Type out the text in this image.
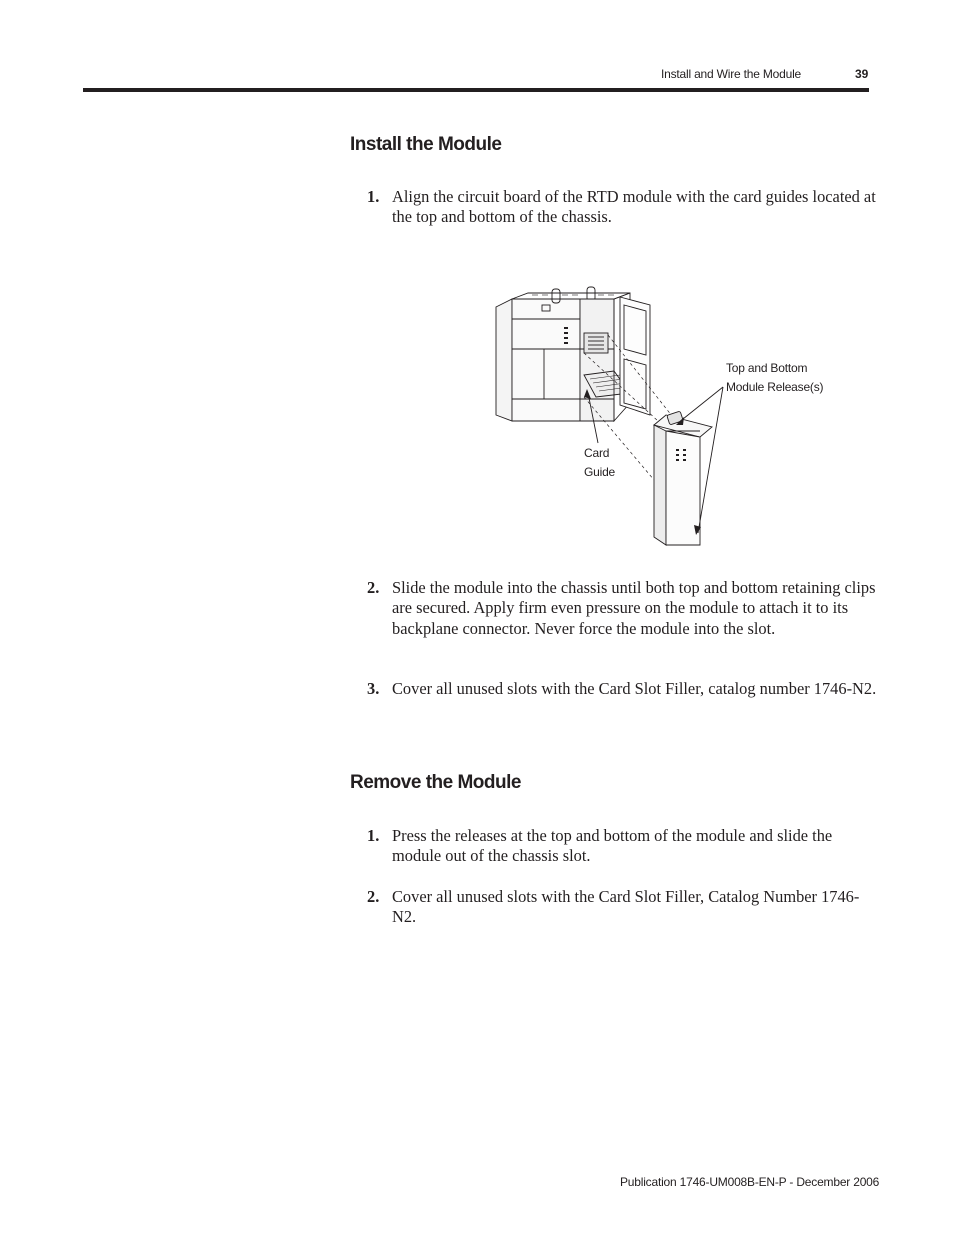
Install and Wire the Module	39
Install the Module
1. Align the circuit board of the RTD module with the card guides located at the top and bottom of the chassis.
Top and Bottom
Module Release(s)
Card
Guide
2. Slide the module into the chassis until both top and bottom retaining clips are secured. Apply firm even pressure on the module to attach it to its backplane connector. Never force the module into the slot.
3. Cover all unused slots with the Card Slot Filler, catalog number 1746-N2.
Remove the Module
1. Press the releases at the top and bottom of the module and slide the module out of the chassis slot.
2. Cover all unused slots with the Card Slot Filler, Catalog Number 1746-N2.
Publication 1746-UM008B-EN-P - December 2006
